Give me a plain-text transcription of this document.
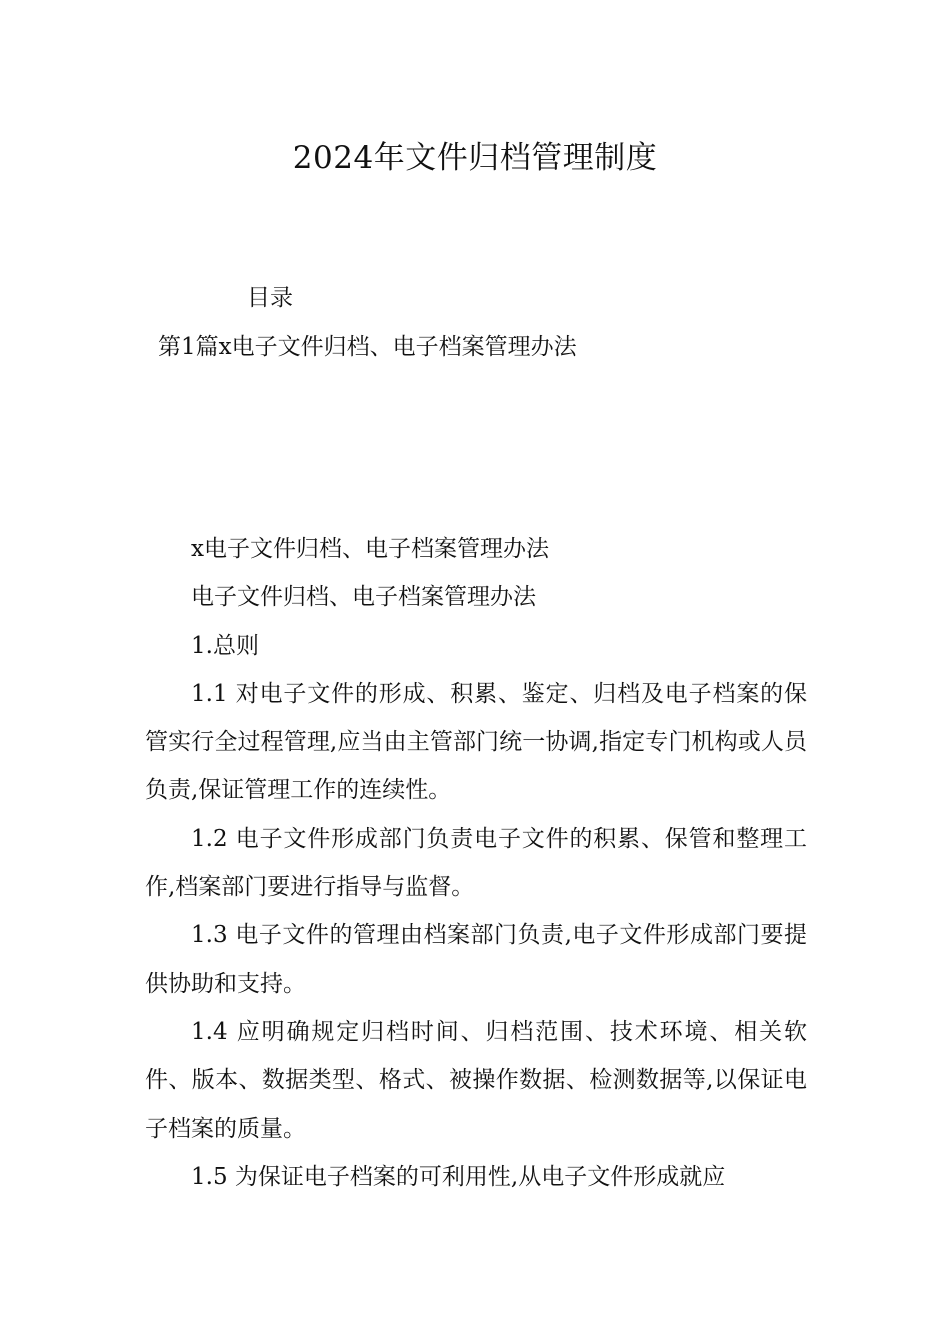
2024年文件归档管理制度
目录
第1篇x电子文件归档、电子档案管理办法

x电子文件归档、电子档案管理办法

电子文件归档、电子档案管理办法

1.总则

1.1 对电子文件的形成、积累、鉴定、归档及电子档案的保管实行全过程管理,应当由主管部门统一协调,指定专门机构或人员负责,保证管理工作的连续性。

1.2 电子文件形成部门负责电子文件的积累、保管和整理工作,档案部门要进行指导与监督。

1.3 电子文件的管理由档案部门负责,电子文件形成部门要提供协助和支持。

1.4 应明确规定归档时间、归档范围、技术环境、相关软件、版本、数据类型、格式、被操作数据、检测数据等,以保证电子档案的质量。

1.5 为保证电子档案的可利用性,从电子文件形成就应
